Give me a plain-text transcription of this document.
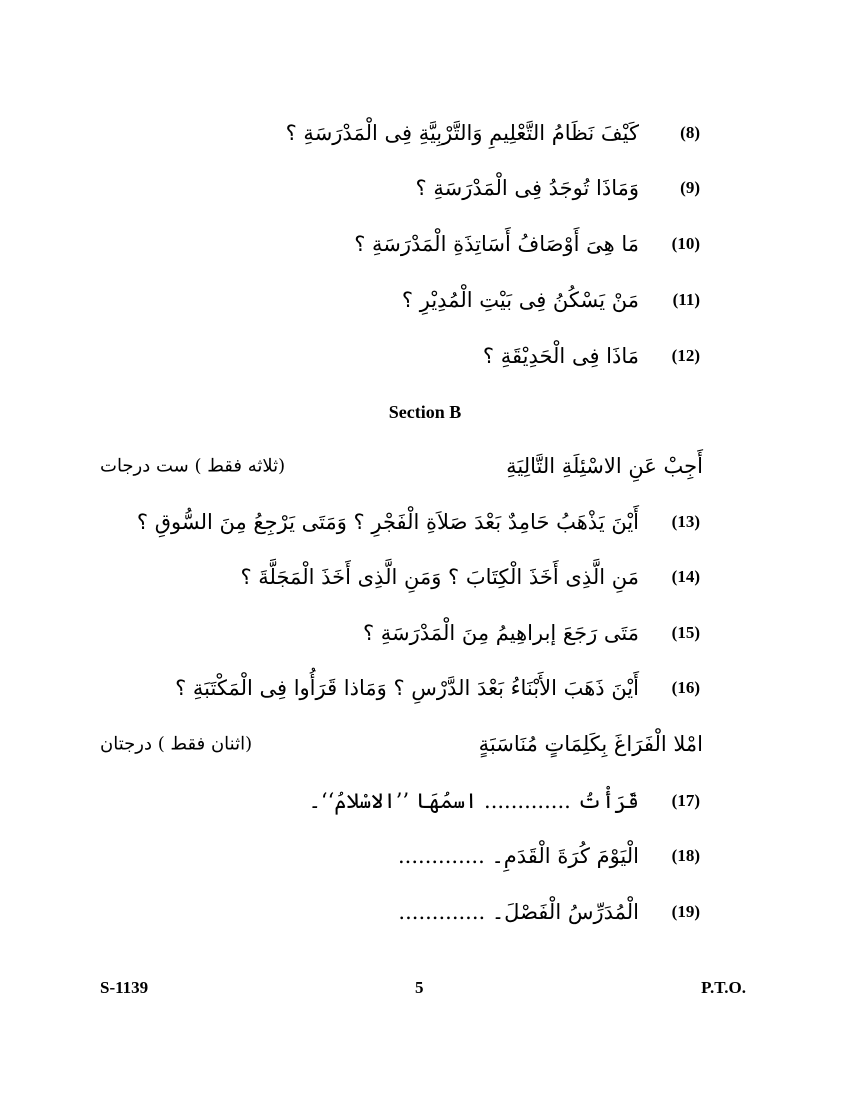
(8)
كَيْفَ نَظَامُ التَّعْلِيمِ وَالتَّرْبِيَّةِ فِى الْمَدْرَسَةِ ؟
(9)
وَمَاذَا تُوجَدُ فِى الْمَدْرَسَةِ ؟
(10)
مَا هِىَ أَوْصَافُ أَسَاتِذَةِ الْمَدْرَسَةِ ؟
(11)
مَنْ يَسْكُنُ فِى بَيْتِ الْمُدِيْرِ ؟
(12)
مَاذَا فِى الْحَدِيْقَةِ ؟
Section B
أَجِبْ عَنِ الاسْئِلَةِ التَّالِيَةِ
(ثلاثه فقط ) ست درجات
(13)
أَيْنَ يَذْهَبُ حَامِدٌ بَعْدَ صَلاَةِ الْفَجْرِ ؟ وَمَتَى يَرْجِعُ مِنَ السُّوقِ ؟
(14)
مَنِ الَّذِى أَخَذَ الْكِتَابَ ؟ وَمَنِ الَّذِى أَخَذَ الْمَجَلَّةَ ؟
(15)
مَتَى رَجَعَ إبراهِيمُ مِنَ الْمَدْرَسَةِ ؟
(16)
أَيْنَ ذَهَبَ الأَبْنَاءُ بَعْدَ الدَّرْسِ ؟ وَمَاذا قَرَأُوا فِى الْمَكْتَبَةِ ؟
امْلا الْفَرَاغَ بِكَلِمَاتٍ مُنَاسَبَةٍ
(اثنان فقط ) درجتان
(17)
قَرَأْتُ ............. اسمُهَا ’’الاسْلامُ‘‘۔
(18)
الْيَوْمَ كُرَةَ الْقَدَمِ۔ .............
(19)
الْمُدَرِّسُ الْفَصْلَ۔ .............
S-1139	5	P.T.O.
